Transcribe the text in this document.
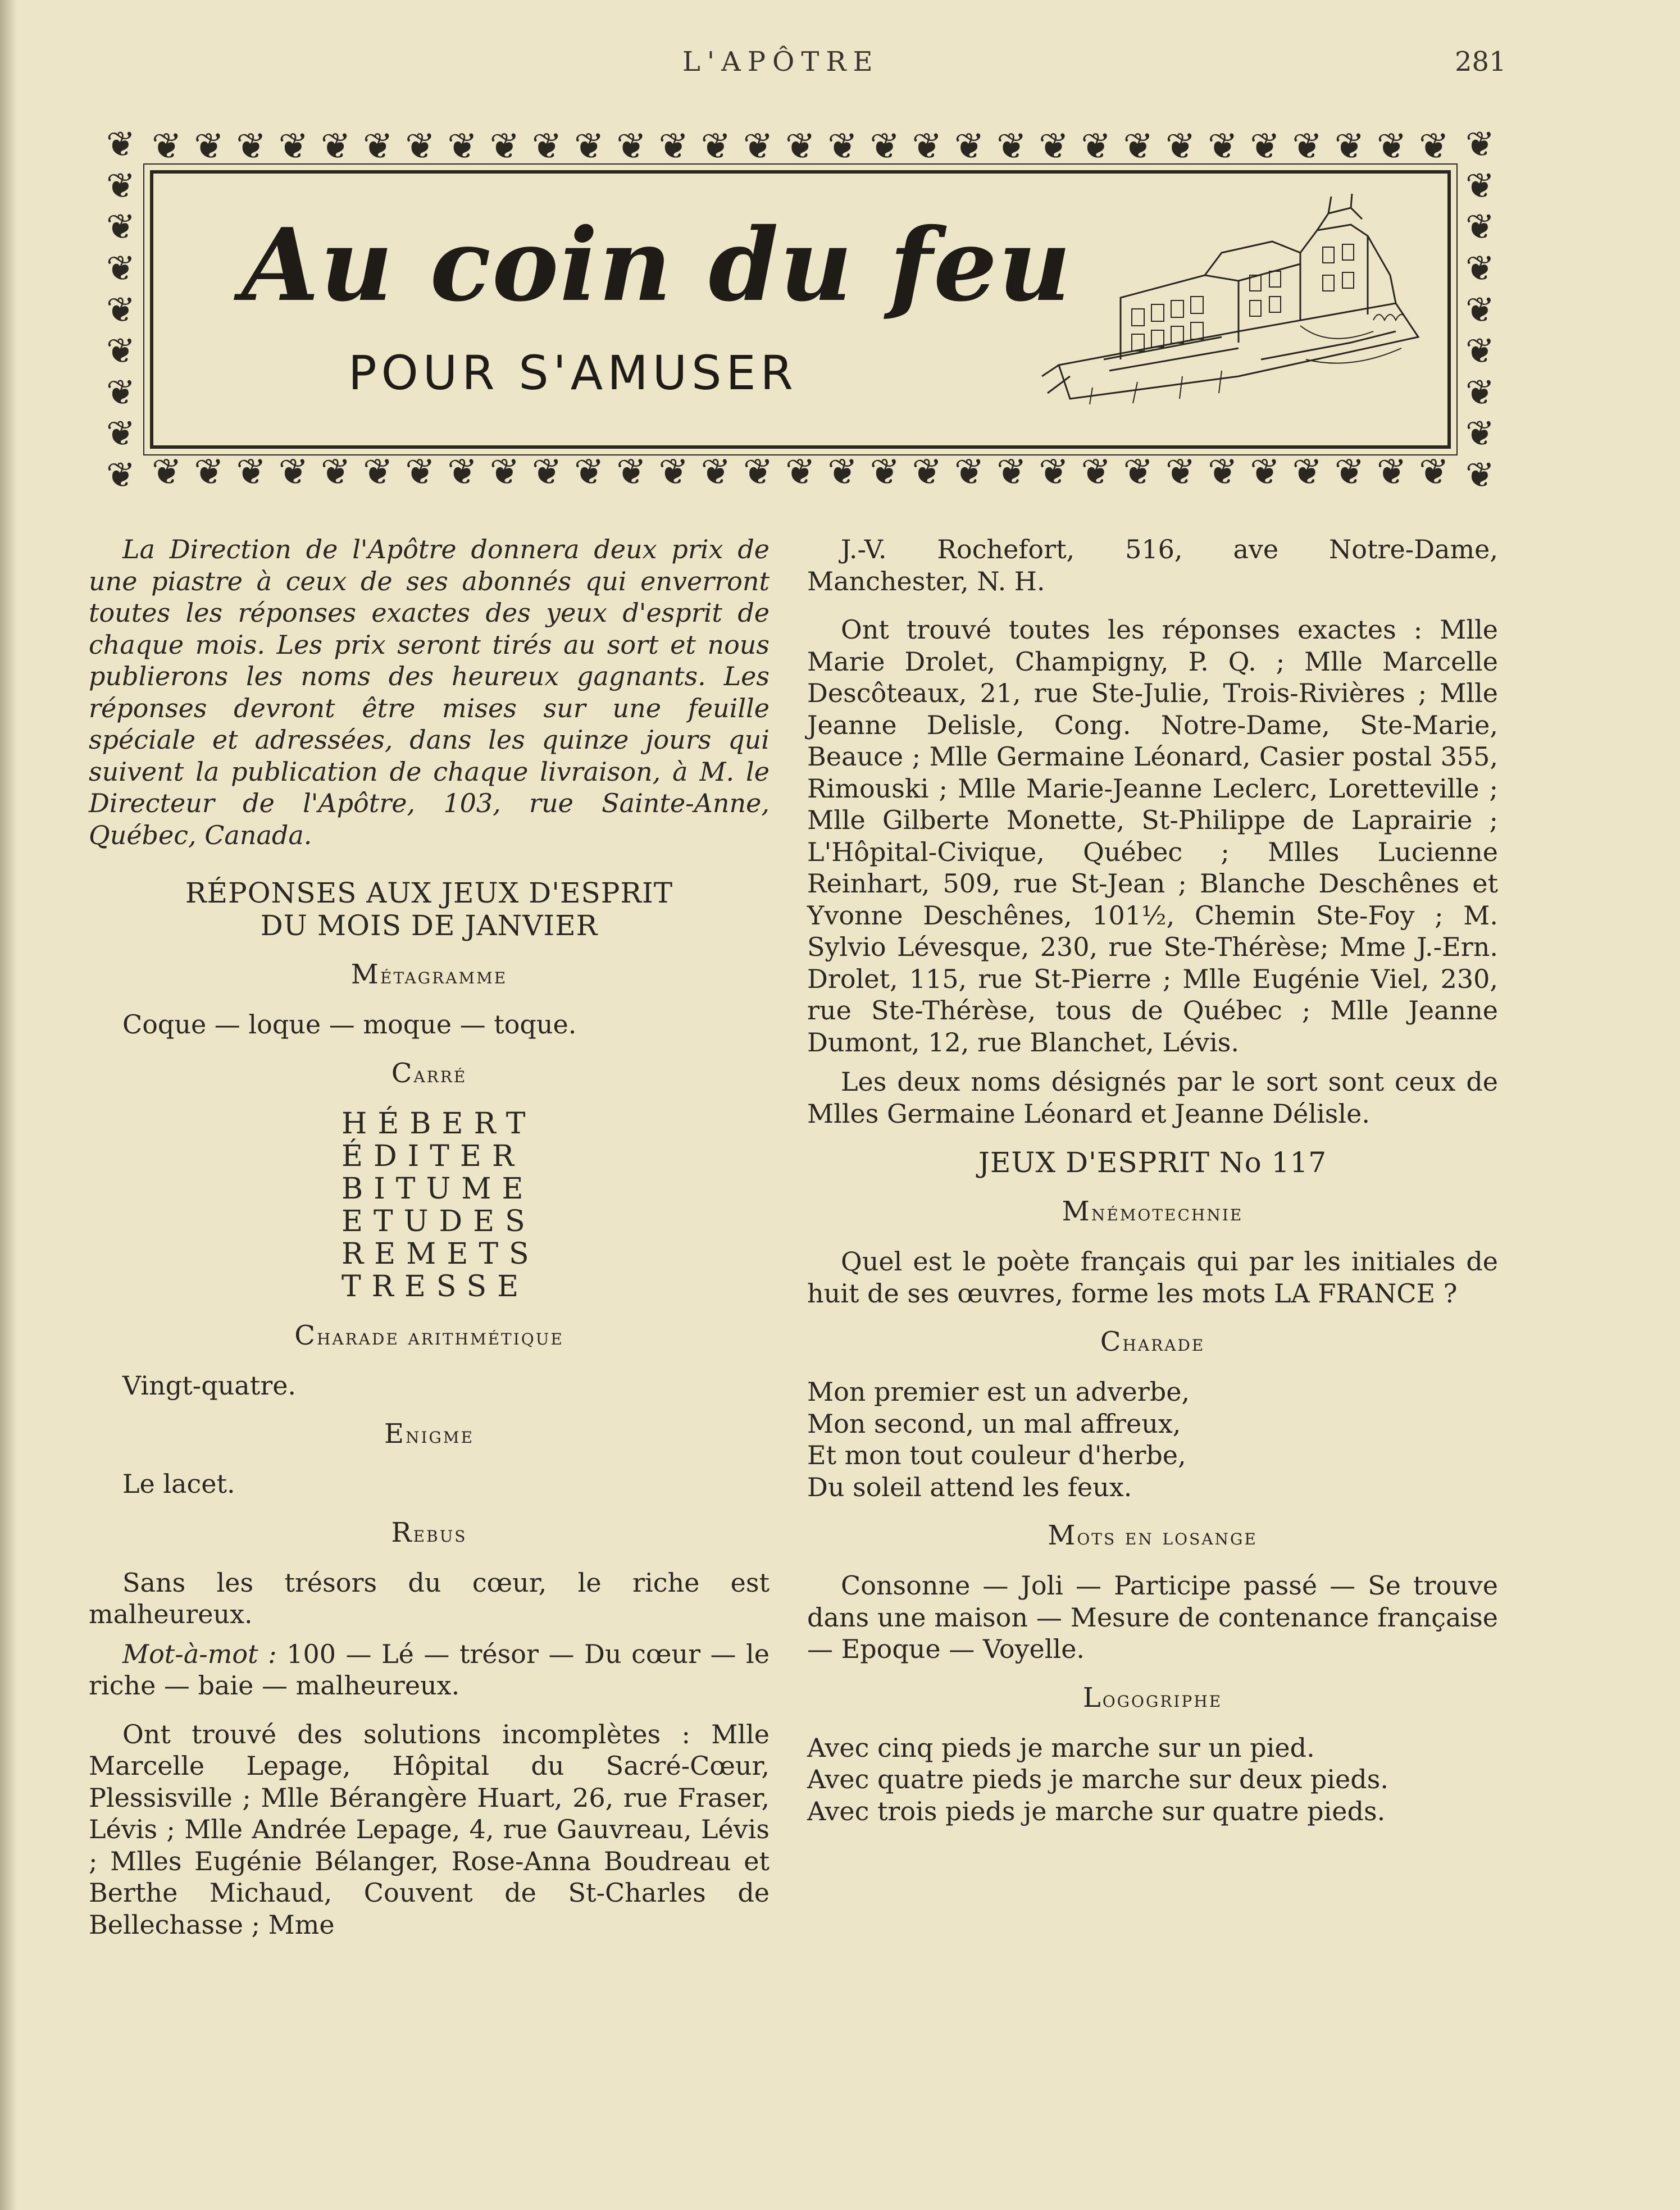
L'APÔTRE	281
❦ ❦ ❦ ❦ ❦ ❦ ❦ ❦ ❦ ❦ ❦ ❦ ❦ ❦ ❦ ❦ ❦ ❦ ❦ ❦ ❦ ❦ ❦ ❦ ❦ ❦ ❦ ❦ ❦ ❦ ❦
❦ ❦ ❦ ❦ ❦ ❦ ❦ ❦ ❦ ❦ ❦ ❦ ❦ ❦ ❦ ❦ ❦ ❦ ❦ ❦ ❦ ❦ ❦ ❦ ❦ ❦ ❦ ❦ ❦ ❦ ❦
❦
❦
❦
❦
❦
❦
❦
❦
❦
❦
❦
❦
❦
❦
❦
❦
❦
❦
Au coin du feu

POUR S'AMUSER

La Direction de l'Apôtre donnera deux prix de une piastre à ceux de ses abonnés qui enverront toutes les réponses exactes des yeux d'esprit de chaque mois. Les prix seront tirés au sort et nous publierons les noms des heureux gagnants. Les réponses devront être mises sur une feuille spéciale et adressées, dans les quinze jours qui suivent la publication de chaque livraison, à M. le Directeur de l'Apôtre, 103, rue Sainte-Anne, Québec, Canada.

RÉPONSES AUX JEUX D'ESPRIT

DU MOIS DE JANVIER

Métagramme

Coque — loque — moque — toque.

Carré

HÉBERT

ÉDITER

BITUME

ETUDES

REMETS

TRESSE

Charade arithmétique

Vingt-quatre.

Enigme

Le lacet.

Rebus

Sans les trésors du cœur, le riche est malheureux.

Mot-à-mot : 100 — Lé — trésor — Du cœur — le riche — baie — malheureux.

Ont trouvé des solutions incomplètes : Mlle Marcelle Lepage, Hôpital du Sacré-Cœur, Plessisville ; Mlle Bérangère Huart, 26, rue Fraser, Lévis ; Mlle Andrée Lepage, 4, rue Gauvreau, Lévis ; Mlles Eugénie Bélanger, Rose-Anna Boudreau et Berthe Michaud, Couvent de St-Charles de Bellechasse ; Mme

J.-V. Rochefort, 516, ave Notre-Dame, Manchester, N. H.

Ont trouvé toutes les réponses exactes : Mlle Marie Drolet, Champigny, P. Q. ; Mlle Marcelle Descôteaux, 21, rue Ste-Julie, Trois-Rivières ; Mlle Jeanne Delisle, Cong. Notre-Dame, Ste-Marie, Beauce ; Mlle Germaine Léonard, Casier postal 355, Rimouski ; Mlle Marie-Jeanne Leclerc, Loretteville ; Mlle Gilberte Monette, St-Philippe de Laprairie ; L'Hôpital-Civique, Québec ; Mlles Lucienne Reinhart, 509, rue St-Jean ; Blanche Deschênes et Yvonne Deschênes, 101½, Chemin Ste-Foy ; M. Sylvio Lévesque, 230, rue Ste-Thérèse; Mme J.-Ern. Drolet, 115, rue St-Pierre ; Mlle Eugénie Viel, 230, rue Ste-Thérèse, tous de Québec ; Mlle Jeanne Dumont, 12, rue Blanchet, Lévis.

Les deux noms désignés par le sort sont ceux de Mlles Germaine Léonard et Jeanne Délisle.

JEUX D'ESPRIT No 117

Mnémotechnie

Quel est le poète français qui par les initiales de huit de ses œuvres, forme les mots LA FRANCE ?

Charade

Mon premier est un adverbe,

Mon second, un mal affreux,

Et mon tout couleur d'herbe,

Du soleil attend les feux.

Mots en losange

Consonne — Joli — Participe passé — Se trouve dans une maison — Mesure de contenance française — Epoque — Voyelle.

Logogriphe

Avec cinq pieds je marche sur un pied.

Avec quatre pieds je marche sur deux pieds.

Avec trois pieds je marche sur quatre pieds.
